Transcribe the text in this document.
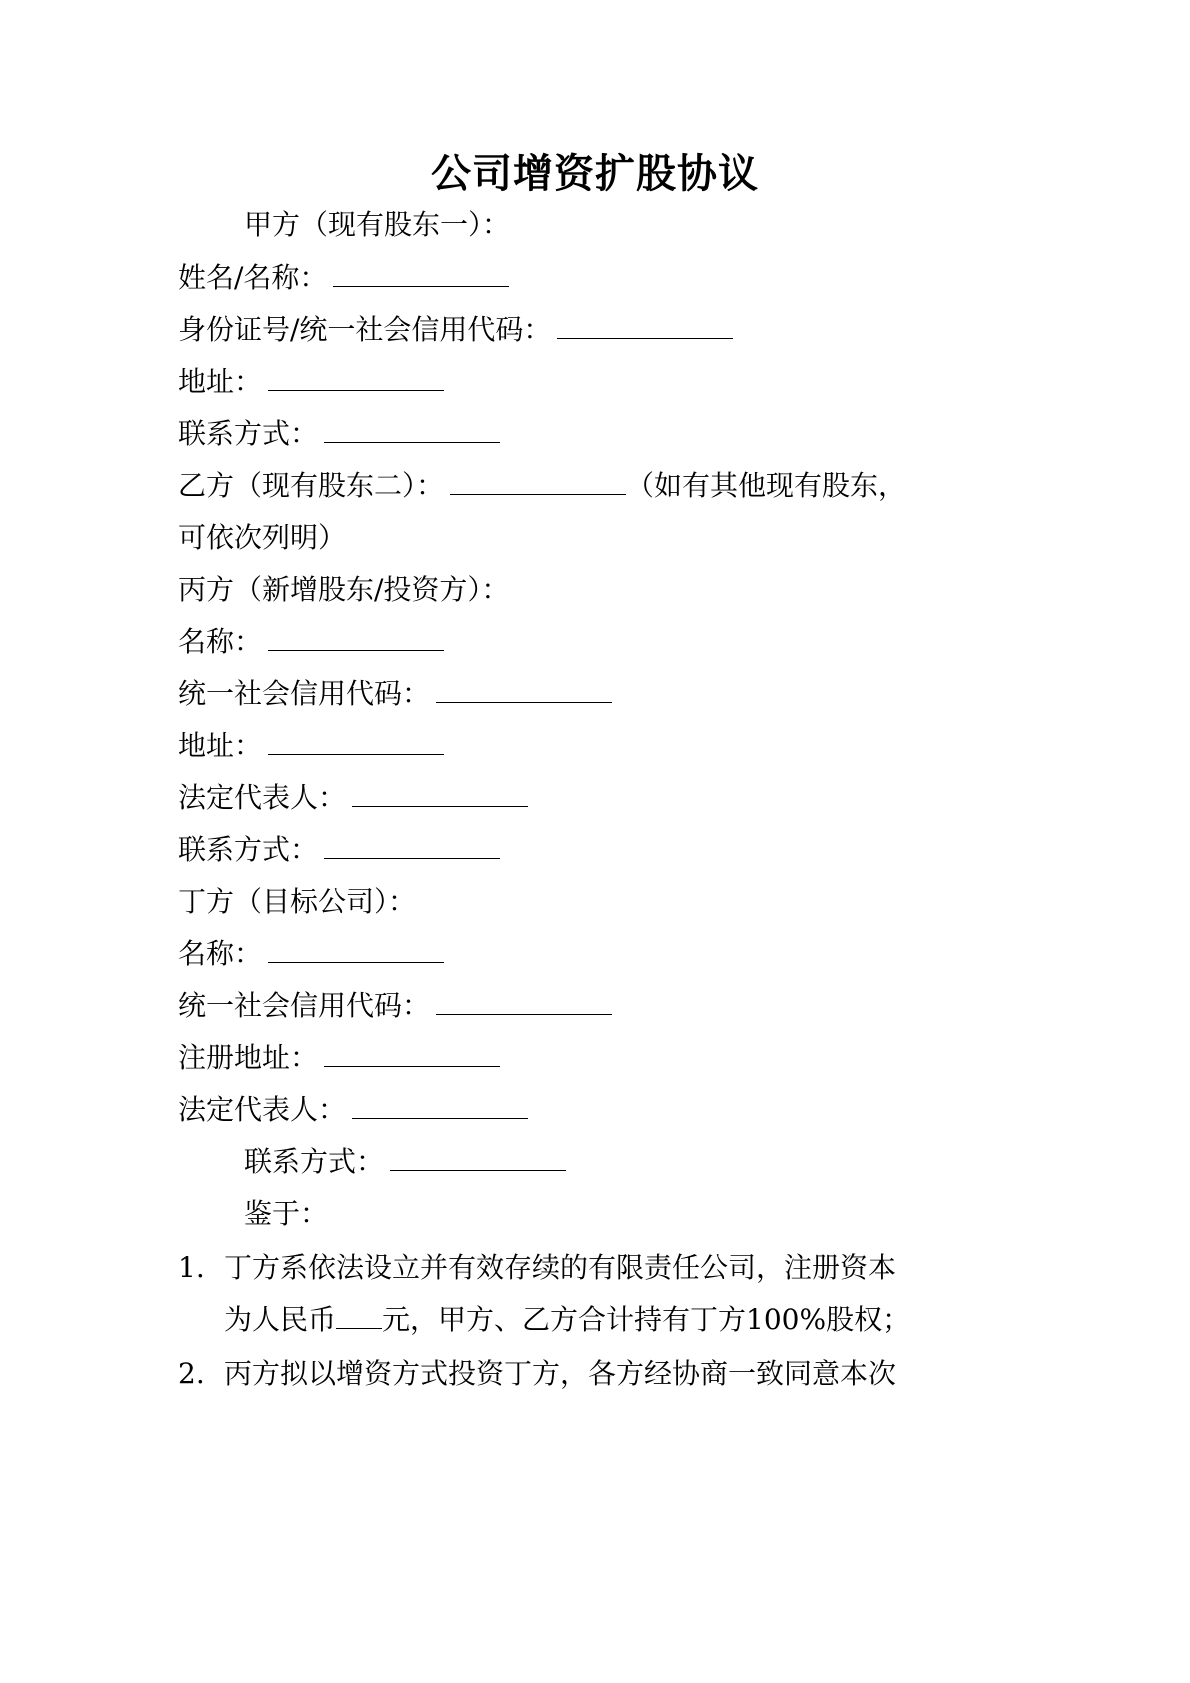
公司增资扩股协议
甲方（现有股东一）：
姓名/名称：
身份证号/统一社会信用代码：
地址：
联系方式：
乙方（现有股东二）：	（如有其他现有股东，
可依次列明）
丙方（新增股东/投资方）：
名称：
统一社会信用代码：
地址：
法定代表人：
联系方式：
丁方（目标公司）：
名称：
统一社会信用代码：
注册地址：
法定代表人：
联系方式：
鉴于：
1. 丁方系依法设立并有效存续的有限责任公司，注册资本
为人民币 元，甲方、乙方合计持有丁方100%股权；
2. 丙方拟以增资方式投资丁方，各方经协商一致同意本次
